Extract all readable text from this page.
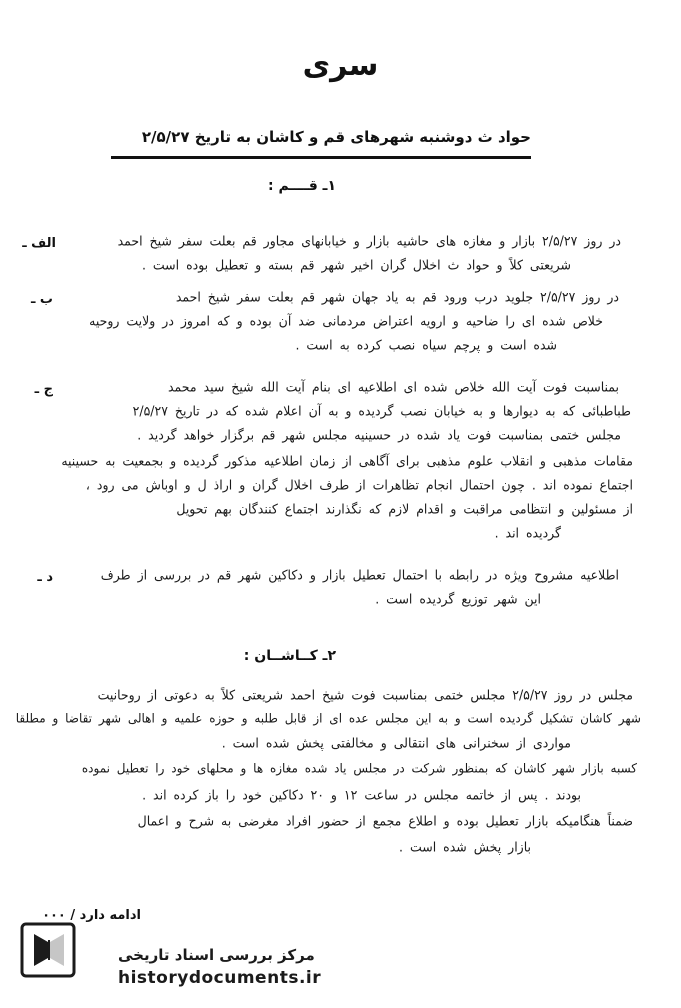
سری
حواد ث دوشنبه شهرهای قم و کاشان به تاریخ ۲/۵/۲۷
۱ـ قــــم :
الف ـ	در روز ۲/۵/۲۷ بازار و مغازه های حاشیه بازار و خیابانهای مجاور قم بعلت سفر شیخ احمد
شریعتی کلاً و حواد ث اخلال گران اخیر شهر قم بسته و تعطیل بوده است .
ب ـ	در روز ۲/۵/۲۷ جلوید درب ورود قم به یاد جهان شهر قم بعلت سفر شیخ احمد
خلاص شده ای را ضاحیه و ارویه اعتراض مردمانی ضد آن بوده و که امروز در ولایت روحیه
شده است و پرچم سیاه نصب کرده به است .
ج ـ	بمناسبت فوت آیت الله خلاص شده ای اطلاعیه ای بنام آیت الله شیخ سید محمد
طباطبائی که به دیوارها و به خیابان نصب گردیده و به آن اعلام شده که در تاریخ ۲/۵/۲۷
مجلس ختمی بمناسبت فوت یاد شده در حسینیه مجلس شهر قم برگزار خواهد گردید .
مقامات مذهبی و انقلاب علوم مذهبی برای آگاهی از زمان اطلاعیه مذکور گردیده و بجمعیت به حسینیه
اجتماع نموده اند . چون احتمال انجام تظاهرات از طرف اخلال گران و اراذ ل و اوباش می رود ،
از مسئولین و انتظامی مراقبت و اقدام لازم که نگذارند اجتماع کنندگان بهم تحویل
گردیده اند .
د ـ	اطلاعیه مشروح ویژه در رابطه با احتمال تعطیل بازار و دکاکین شهر قم در بررسی از طرف
این شهر توزیع گردیده است .
۲ـ کــاشــان :
مجلس در روز ۲/۵/۲۷ مجلس ختمی بمناسبت فوت شیخ احمد شریعتی کلاً به دعوتی از روحانیت
شهر کاشان تشکیل گردیده است و به این مجلس عده ای از قابل طلبه و حوزه علمیه و اهالی شهر تقاضا و مطلقا
مواردی از سخنرانی های انتقالی و مخالفتی پخش شده است .
کسبه بازار شهر کاشان که بمنظور شرکت در مجلس یاد شده مغازه ها و محلهای خود را تعطیل نموده
بودند . پس از خاتمه مجلس در ساعت ۱۲ و ۲۰ دکاکین خود را باز کرده اند .
ضمناً هنگامیکه بازار تعطیل بوده و اطلاع مجمع از حضور افراد مغرضی به شرح و اعمال
بازار پخش شده است .
ادامه دارد / ۰۰۰
مرکز بررسی اسناد تاریخی
historydocuments.ir
